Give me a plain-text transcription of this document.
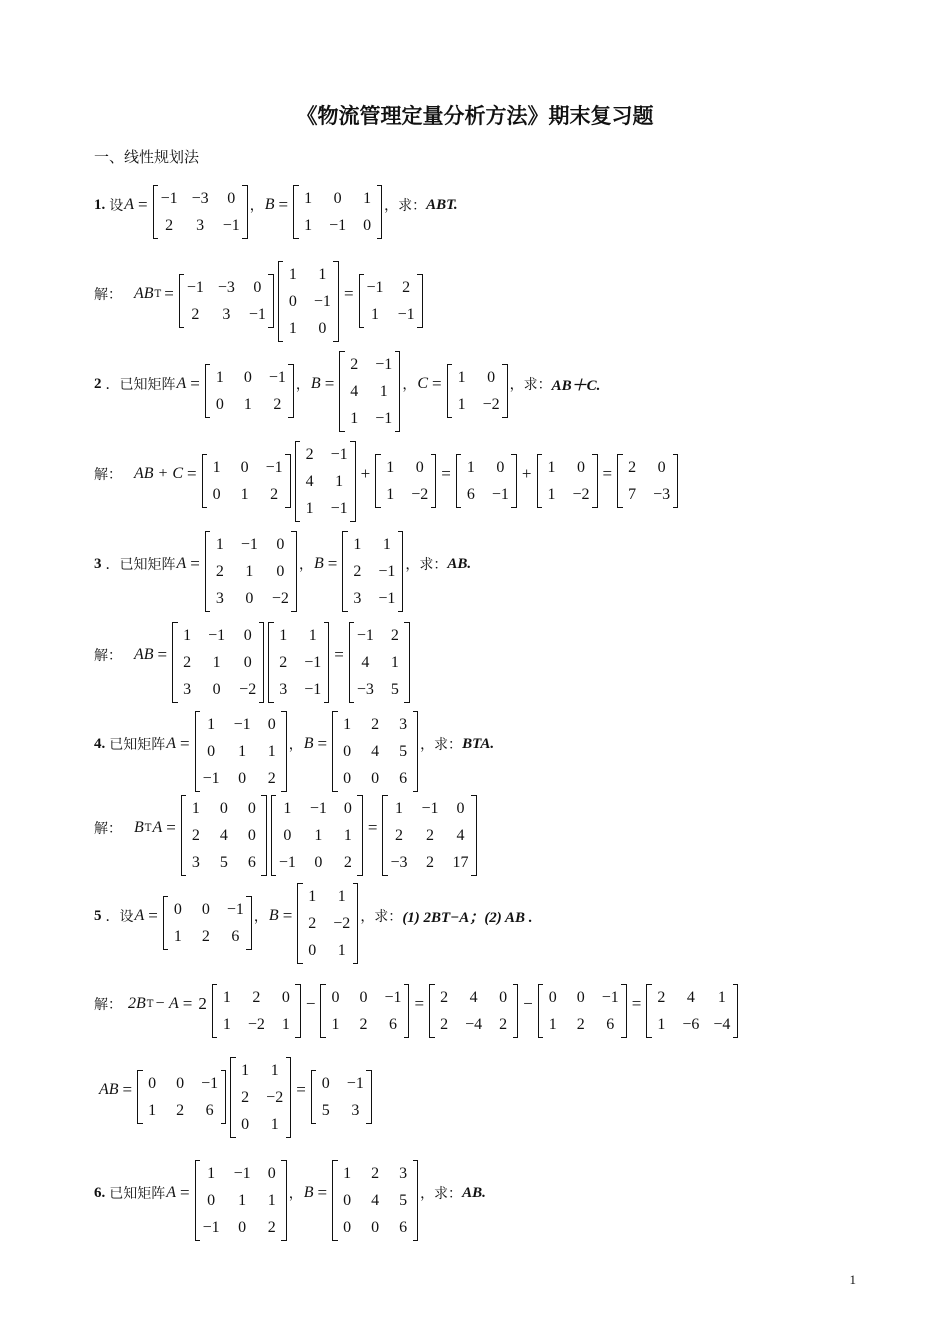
《物流管理定量分析方法》期末复习题
一、线性规划法
1. 设 A = −1	−3	0
2	3	−1

， B = 1	0	1
1	−1	0

，求： ABT.
解： AB T = −1	−3	0
2	3	−1

1	1
0	−1
1	0

= −1	2
1	−1

2 ． 已知矩阵 A = 1	0	−1
0	1	2

， B =
2	−1
4	1
1	−1

， C = 1	0
1	−2

，求： AB＋C.
解： AB + C = 1	0	−1
0	1	2

2	−1
4	1
1	−1

+ 1	0
1	−2

= 1	0
6	−1

+ 1	0
1	−2

= 2	0
7	−3

3 ． 已知矩阵 A =
1	−1	0
2	1	0
3	0	−2

， B =
1	1
2	−1
3	−1

，求： AB.
解： AB =
1	−1	0
2	1	0
3	0	−2

1	1
2	−1
3	−1

=
−1	2
4	1
−3	5

4. 已知矩阵 A =
1	−1	0
0	1	1
−1	0	2

， B =
1	2	3
0	4	5
0	0	6

，求： BTA.
解： B T A =
1	0	0
2	4	0
3	5	6

1	−1	0
0	1	1
−1	0	2

=
1	−1	0
2	2	4
−3	2	17

5 ． 设 A = 0	0	−1
1	2	6

， B =
1	1
2	−2
0	1

，求： (1) 2BT−A；(2) AB .
解： 2B T − A = 2 1	2	0
1	−2	1

− 0	0	−1
1	2	6

= 2	4	0
2	−4	2

− 0	0	−1
1	2	6

= 2	4	1
1	−6	−4

AB = 0	0	−1
1	2	6

1	1
2	−2
0	1

= 0	−1
5	3

6. 已知矩阵 A =
1	−1	0
0	1	1
−1	0	2

， B =
1	2	3
0	4	5
0	0	6

，求： AB.
1
